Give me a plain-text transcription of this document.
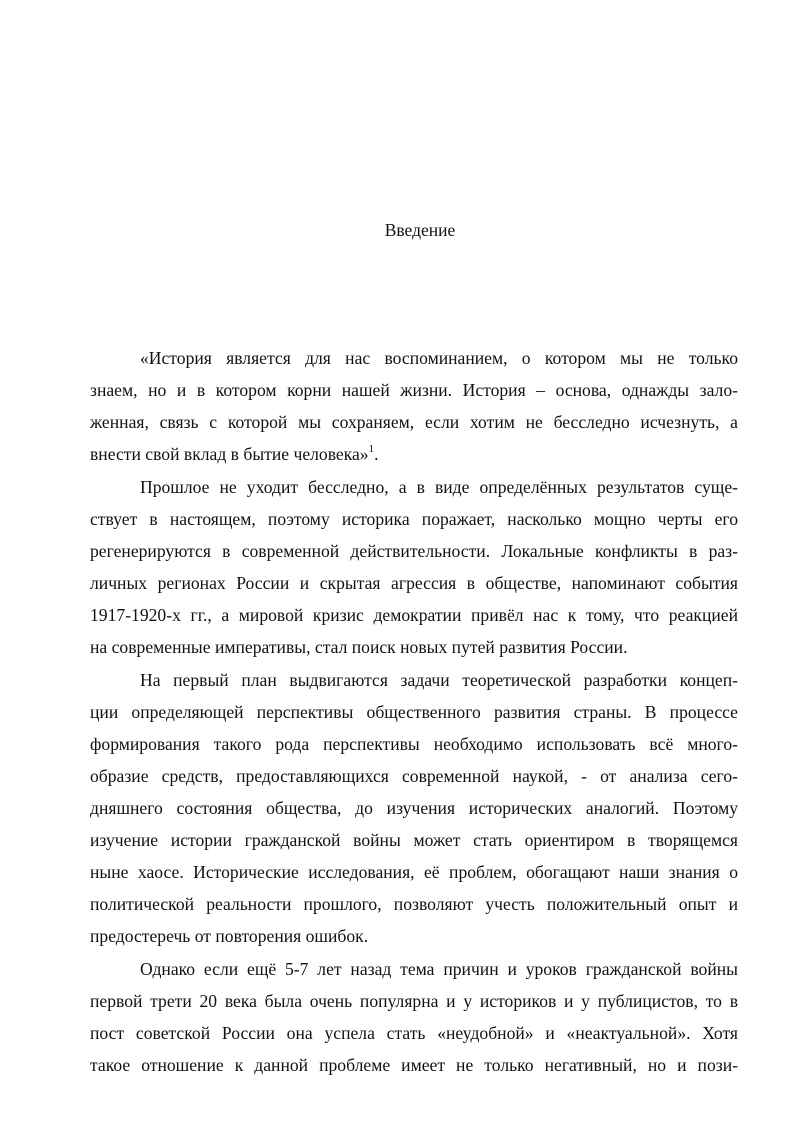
Введение
«История является для нас воспоминанием, о котором мы не только
знаем, но и в котором корни нашей жизни. История – основа, однажды зало-
женная, связь с которой мы сохраняем, если хотим не бесследно исчезнуть, а
внести свой вклад в бытие человека»$^1$.
Прошлое не уходит бесследно, а в виде определённых результатов суще-
ствует в настоящем, поэтому историка поражает, насколько мощно черты его
регенерируются в современной действительности. Локальные конфликты в раз-
личных регионах России и скрытая агрессия в обществе, напоминают события
1917-1920-х гг., а мировой кризис демократии привёл нас к тому, что реакцией
на современные императивы, стал поиск новых путей развития России.
На первый план выдвигаются задачи теоретической разработки концеп-
ции определяющей перспективы общественного развития страны. В процессе
формирования такого рода перспективы необходимо использовать всё много-
образие средств, предоставляющихся современной наукой, - от анализа сего-
дняшнего состояния общества, до изучения исторических аналогий. Поэтому
изучение истории гражданской войны может стать ориентиром в творящемся
ныне хаосе. Исторические исследования, её проблем, обогащают наши знания о
политической реальности прошлого, позволяют учесть положительный опыт и
предостеречь от повторения ошибок.
Однако если ещё 5-7 лет назад тема причин и уроков гражданской войны
первой трети 20 века была очень популярна и у историков и у публицистов, то в
пост советской России она успела стать «неудобной» и «неактуальной». Хотя
такое отношение к данной проблеме имеет не только негативный, но и пози-
